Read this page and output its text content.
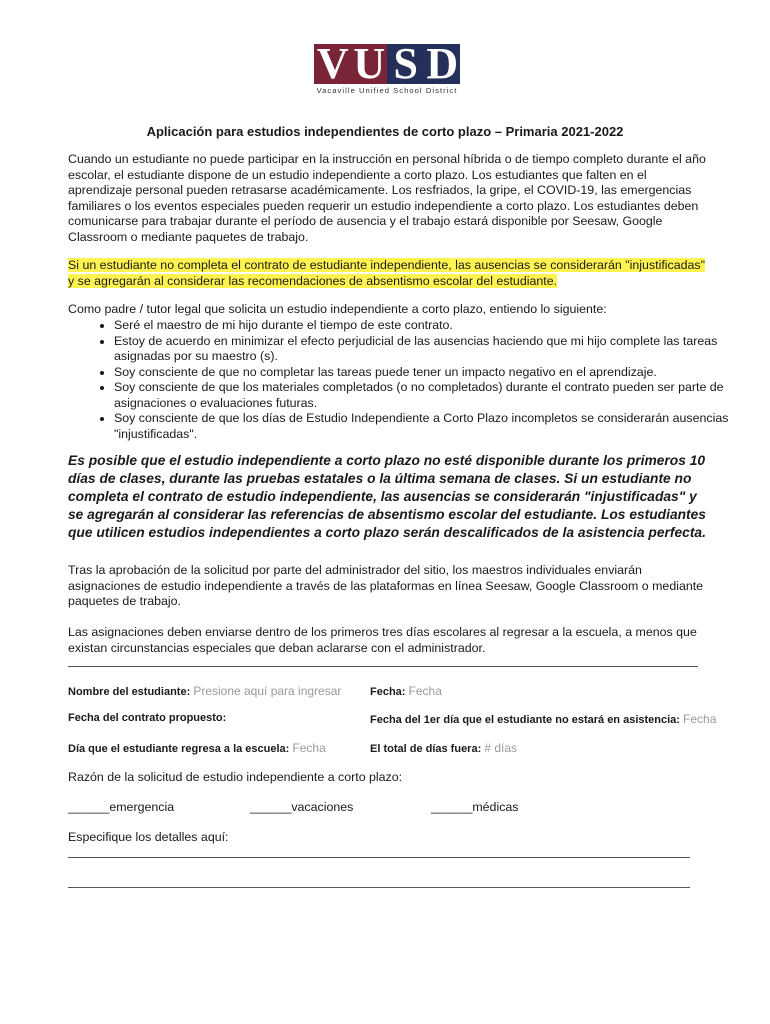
V U S D
Vacaville Unified School District
Aplicación para estudios independientes de corto plazo – Primaria 2021-2022
Cuando un estudiante no puede participar en la instrucción en personal híbrida o de tiempo completo durante el año escolar, el estudiante dispone de un estudio independiente a corto plazo. Los estudiantes que falten en el aprendizaje personal pueden retrasarse académicamente. Los resfriados, la gripe, el COVID-19, las emergencias familiares o los eventos especiales pueden requerir un estudio independiente a corto plazo. Los estudiantes deben comunicarse para trabajar durante el período de ausencia y el trabajo estará disponible por Seesaw, Google Classroom o mediante paquetes de trabajo.
Si un estudiante no completa el contrato de estudiante independiente, las ausencias se considerarán "injustificadas" y se agregarán al considerar las recomendaciones de absentismo escolar del estudiante.
Como padre / tutor legal que solicita un estudio independiente a corto plazo, entiendo lo siguiente:
• Seré el maestro de mi hijo durante el tiempo de este contrato.
• Estoy de acuerdo en minimizar el efecto perjudicial de las ausencias haciendo que mi hijo complete las tareas asignadas por su maestro (s).
• Soy consciente de que no completar las tareas puede tener un impacto negativo en el aprendizaje.
• Soy consciente de que los materiales completados (o no completados) durante el contrato pueden ser parte de asignaciones o evaluaciones futuras.
• Soy consciente de que los días de Estudio Independiente a Corto Plazo incompletos se considerarán ausencias "injustificadas".
Es posible que el estudio independiente a corto plazo no esté disponible durante los primeros 10 días de clases, durante las pruebas estatales o la última semana de clases. Si un estudiante no completa el contrato de estudio independiente, las ausencias se considerarán "injustificadas" y se agregarán al considerar las referencias de absentismo escolar del estudiante. Los estudiantes que utilicen estudios independientes a corto plazo serán descalificados de la asistencia perfecta.
Tras la aprobación de la solicitud por parte del administrador del sitio, los maestros individuales enviarán asignaciones de estudio independiente a través de las plataformas en línea Seesaw, Google Classroom o mediante paquetes de trabajo.
Las asignaciones deben enviarse dentro de los primeros tres días escolares al regresar a la escuela, a menos que existan circunstancias especiales que deban aclararse con el administrador.
Nombre del estudiante: Presione aquí para ingresar	Fecha: Fecha
Fecha del contrato propuesto:	Fecha del 1er día que el estudiante no estará en asistencia: Fecha
Día que el estudiante regresa a la escuela: Fecha	El total de días fuera: # días
Razón de la solicitud de estudio independiente a corto plazo:
______emergencia	______vacaciones	______médicas
Especifique los detalles aquí:
